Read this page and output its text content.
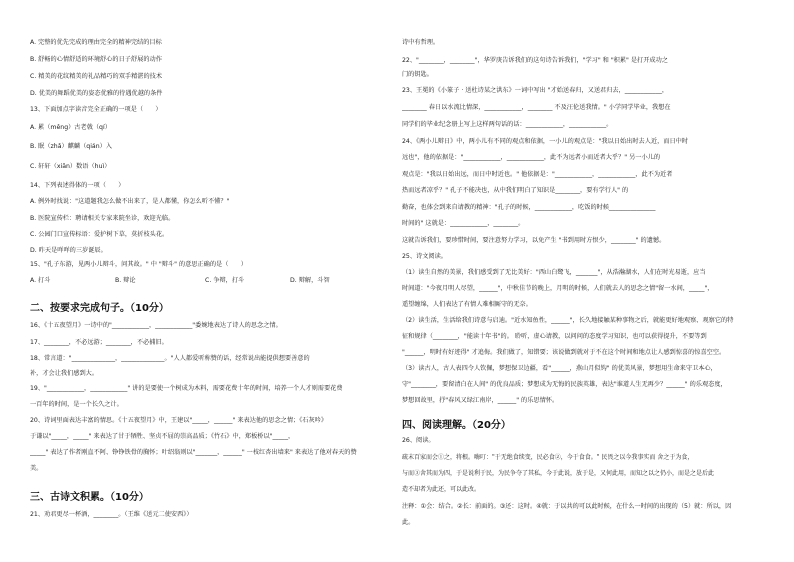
A. 完整的优先完成的理由完全的精神完结的目标
B. 舒畅的心情舒适的环境舒心的日子舒展的动作
C. 精美的花纹精美的礼品精巧的双手精湛的技术
D. 优美的舞蹈优美的姿态优雅的待遇优越的条件
13、下面加点字读音完全正确的一项是（　　）
A. 累（měng）古老戟（qí）
B. 眠（zhǎ）麒麟（qián）入
C. 轩轩（xiān）数语（huì）
14、下列表述得体的一项（　　）
A. 例外时找说："这道题我怎么做不出来了，是人都懂，你怎么听不懂？"
B. 医院宣传栏：聘请相关专家来院坐诊，欢迎光临。
C. 公园门口宣传标语：爱护树下草，莫折枝头花。
D. 昨天是咩咩的三岁诞辰。
15、"孔子东游，见两小儿辩斗，问其故。" 中 "辩斗" 的意思正确的是（　　）
A. 打斗	B. 辩论	C. 争辩，打斗	D. 辩解，斗智
二、按要求完成句子。（10分）
16、《十五夜望月》一诗中的"____________，____________"委婉地表达了诗人的思念之情。
17、________，不必远游；________，不必捕旧。
18、常言道："______________，______________。"人人都爱听称赞的话，经常说出能提供想要善意的
补，才会让我们感到大。
19、"____________，____________" 讲的是要使一个树成为木料，需要花费十年的时间，培养一个人才则需要花费
一百年的时间，是一个长久之计。
20、诗词里面表达丰富的情思。《十五夜望月》中，王建以"_____，______" 来表达他的思念之情；《石灰吟》
于谦以"_____，_____" 来表达了甘于牺牲、坚贞不屈的崇高品质；《竹石》中，郑板桥以"_____，
_____" 表达了作者刚直不阿、铮铮铁骨的胸怀；叶绍翁则以"_______，______" 一枝红杏出墙来" 来表达了他对春天的赞
美。
三、古诗文积累。（10分）
21、劝君更尽一杯酒，________。（王维《送元二使安西》）
诗中有哲理。
22、"________，________"，华罗庚告诉我们的这句诗告诉我们，"学习" 和 "积累" 是打开成功之
门的钥匙。
23、王冕的《小篆子 · 送杜诗某之洪东》一词中写出 "才始送春归，又送君归去，____________，
________ 春日以水流比情深，____________，________ 不及汪伦送我情。" 小学同学毕业，我想在
同学们的毕业纪念册上写上这样两句话的话：____________，____________。
24、《两小儿辩日》中，两小儿有不同的观点和依据，一小儿的观点是："我以日始出时去人近，而日中时
远也"，他的依据是："____________，____________，此不为远者小而近者大乎？" 另一小儿的
观点是："我以日始出远，而日中时近也。" 他依据是："____________，____________，此不为近者
热而远者凉乎？" 孔子不能决也，从中我们明白了知识是________，要有学行人" 的
勤奋，也体会到来自请教的精神："孔子的时候，____________，吃饭的时候_______________
时间的" 这就是：____________，________。
这就告诉我们，要珍惜时间，要注意努力学习，以免产生 "书到用时方恨少，________" 的遗憾。
25、诗文阅读。
（1）读生自然的美景，我们感受到了无比美好："西山白鹭飞，_______"，从浩瀚湖水，人们在时光易逝，应当
时间道："今夜月明人尽望，______"，中秋佳节的晚上，月明的时候，人们就去人的思念之情"留一水间，_____"，
遥望缠绵，人们表达了有情人难相厮守的无奈。
（2）读生活，生活给我们诗意与启迪。"近水知鱼性，______"，长久地接触某种事物之后，就能更好地观察、观察它的特
征和规律（________，"能读十年书"的。 聆听，虚心请教，以问问的态度学习知识，也可以获得提升，不要等到
"______，明时有好迹得" 才追侮。我们做了，知错要；该说做到就对于不在这个时间和地点让人感到惊喜的惊喜空空。
（3）读古人，古人表四令人钦佩，梦想保卫边疆，看"______，燕山月似钩" 的优美风景，梦想用生命来守卫本心，
守"________，要留清白在人间" 的优良品质；梦想成为无悔的民族英雄，表达"谁道人生无再少？______" 的乐观态度，
梦想回故里，抒"春风又绿江南岸，______" 的乐思情怀。
四、阅读理解。（20分）
26、阅读。
疏末百家而会①之，将根。嗨叮："于无绝食续变，民必食②，今于食食。" 民畏之以今我事实而 舍之于为食，
与而③舍其而为四，于是说利于民，为民争夺了其私，今于此说，放于是，又何此用，而知之以之仍小，而是之是后此
造不却者为此还，可以此改。
注释：①会：结合。②长：前面的。③还：这时。④就：于以共的可以此时候，在什么一时间的出现的（5）就：所以，因
此。
